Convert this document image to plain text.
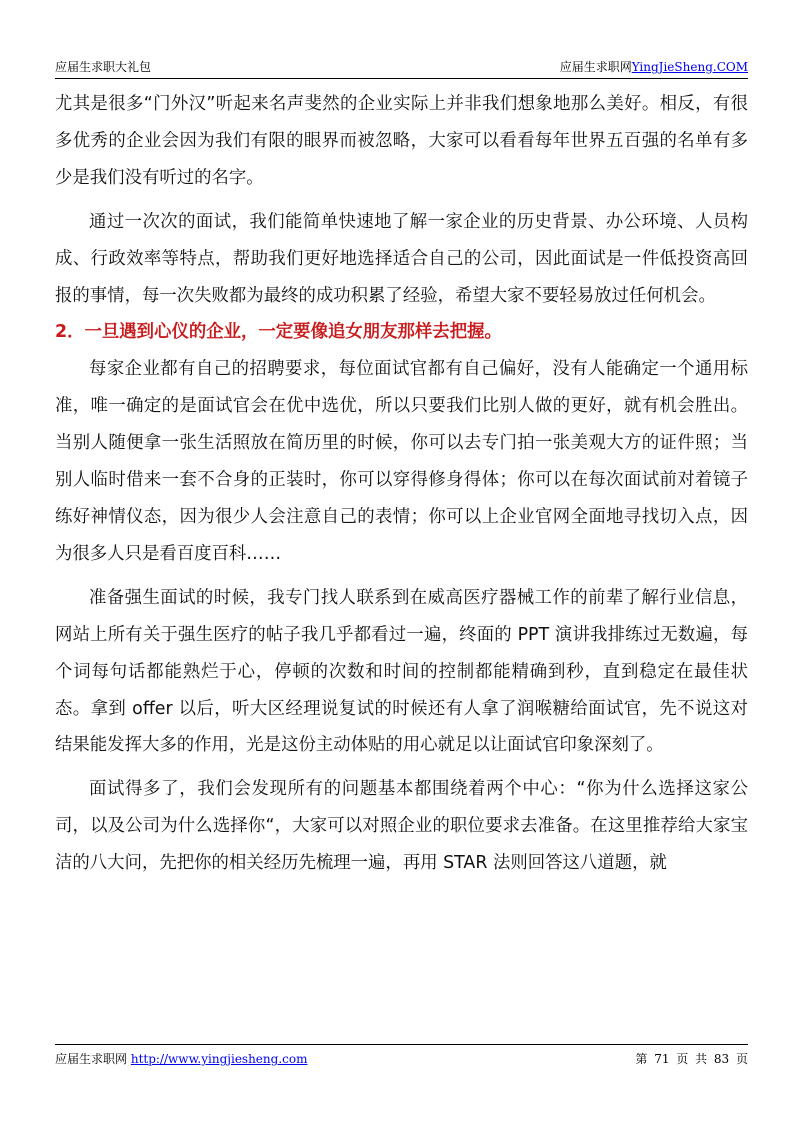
应届生求职大礼包	应届生求职网YingJieSheng.COM

尤其是很多“门外汉”听起来名声斐然的企业实际上并非我们想象地那么美好。相反，有很多优秀的企业会因为我们有限的眼界而被忽略，大家可以看看每年世界五百强的名单有多少是我们没有听过的名字。

通过一次次的面试，我们能简单快速地了解一家企业的历史背景、办公环境、人员构成、行政效率等特点，帮助我们更好地选择适合自己的公司，因此面试是一件低投资高回报的事情，每一次失败都为最终的成功积累了经验，希望大家不要轻易放过任何机会。

2．一旦遇到心仪的企业，一定要像追女朋友那样去把握。

每家企业都有自己的招聘要求，每位面试官都有自己偏好，没有人能确定一个通用标准，唯一确定的是面试官会在优中选优，所以只要我们比别人做的更好，就有机会胜出。当别人随便拿一张生活照放在简历里的时候，你可以去专门拍一张美观大方的证件照；当别人临时借来一套不合身的正装时，你可以穿得修身得体；你可以在每次面试前对着镜子练好神情仪态，因为很少人会注意自己的表情；你可以上企业官网全面地寻找切入点，因为很多人只是看百度百科……

准备强生面试的时候，我专门找人联系到在威高医疗器械工作的前辈了解行业信息，网站上所有关于强生医疗的帖子我几乎都看过一遍，终面的 PPT 演讲我排练过无数遍，每个词每句话都能熟烂于心，停顿的次数和时间的控制都能精确到秒，直到稳定在最佳状态。拿到 offer 以后，听大区经理说复试的时候还有人拿了润喉糖给面试官，先不说这对结果能发挥大多的作用，光是这份主动体贴的用心就足以让面试官印象深刻了。

面试得多了，我们会发现所有的问题基本都围绕着两个中心：“你为什么选择这家公司，以及公司为什么选择你“，大家可以对照企业的职位要求去准备。在这里推荐给大家宝洁的八大问，先把你的相关经历先梳理一遍，再用 STAR 法则回答这八道题，就

应届生求职网 http://www.yingjiesheng.com	第 71 页 共 83 页
